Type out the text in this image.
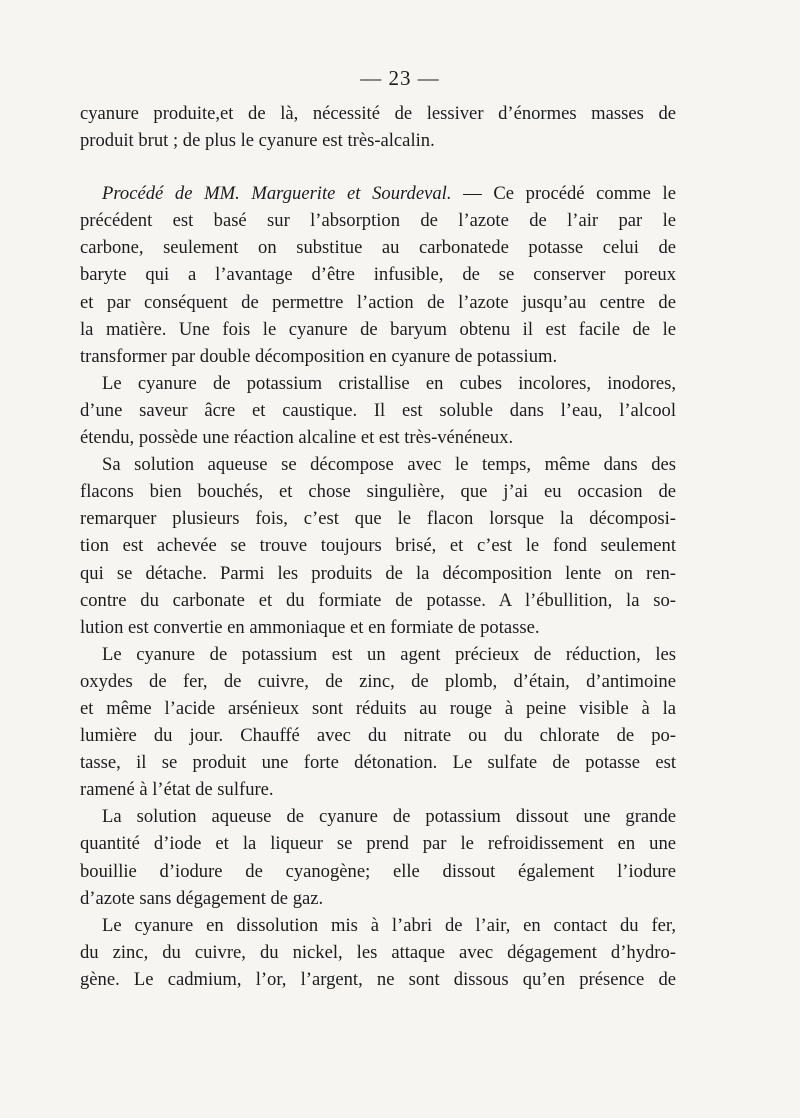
— 23 —
cyanure produite,et de là, nécessité de lessiver d’énormes masses de
produit brut ; de plus le cyanure est très-alcalin.
Procédé de MM. Marguerite et Sourdeval. — Ce procédé comme le
précédent est basé sur l’absorption de l’azote de l’air par le
carbone, seulement on substitue au carbonatede potasse celui de
baryte qui a l’avantage d’être infusible, de se conserver poreux
et par conséquent de permettre l’action de l’azote jusqu’au centre de
la matière. Une fois le cyanure de baryum obtenu il est facile de le
transformer par double décomposition en cyanure de potassium.
Le cyanure de potassium cristallise en cubes incolores, inodores,
d’une saveur âcre et caustique. Il est soluble dans l’eau, l’alcool
étendu, possède une réaction alcaline et est très-vénéneux.
Sa solution aqueuse se décompose avec le temps, même dans des
flacons bien bouchés, et chose singulière, que j’ai eu occasion de
remarquer plusieurs fois, c’est que le flacon lorsque la décomposi-
tion est achevée se trouve toujours brisé, et c’est le fond seulement
qui se détache. Parmi les produits de la décomposition lente on ren-
contre du carbonate et du formiate de potasse. A l’ébullition, la so-
lution est convertie en ammoniaque et en formiate de potasse.
Le cyanure de potassium est un agent précieux de réduction, les
oxydes de fer, de cuivre, de zinc, de plomb, d’étain, d’antimoine
et même l’acide arsénieux sont réduits au rouge à peine visible à la
lumière du jour. Chauffé avec du nitrate ou du chlorate de po-
tasse, il se produit une forte détonation. Le sulfate de potasse est
ramené à l’état de sulfure.
La solution aqueuse de cyanure de potassium dissout une grande
quantité d’iode et la liqueur se prend par le refroidissement en une
bouillie d’iodure de cyanogène; elle dissout également l’iodure
d’azote sans dégagement de gaz.
Le cyanure en dissolution mis à l’abri de l’air, en contact du fer,
du zinc, du cuivre, du nickel, les attaque avec dégagement d’hydro-
gène. Le cadmium, l’or, l’argent, ne sont dissous qu’en présence de
